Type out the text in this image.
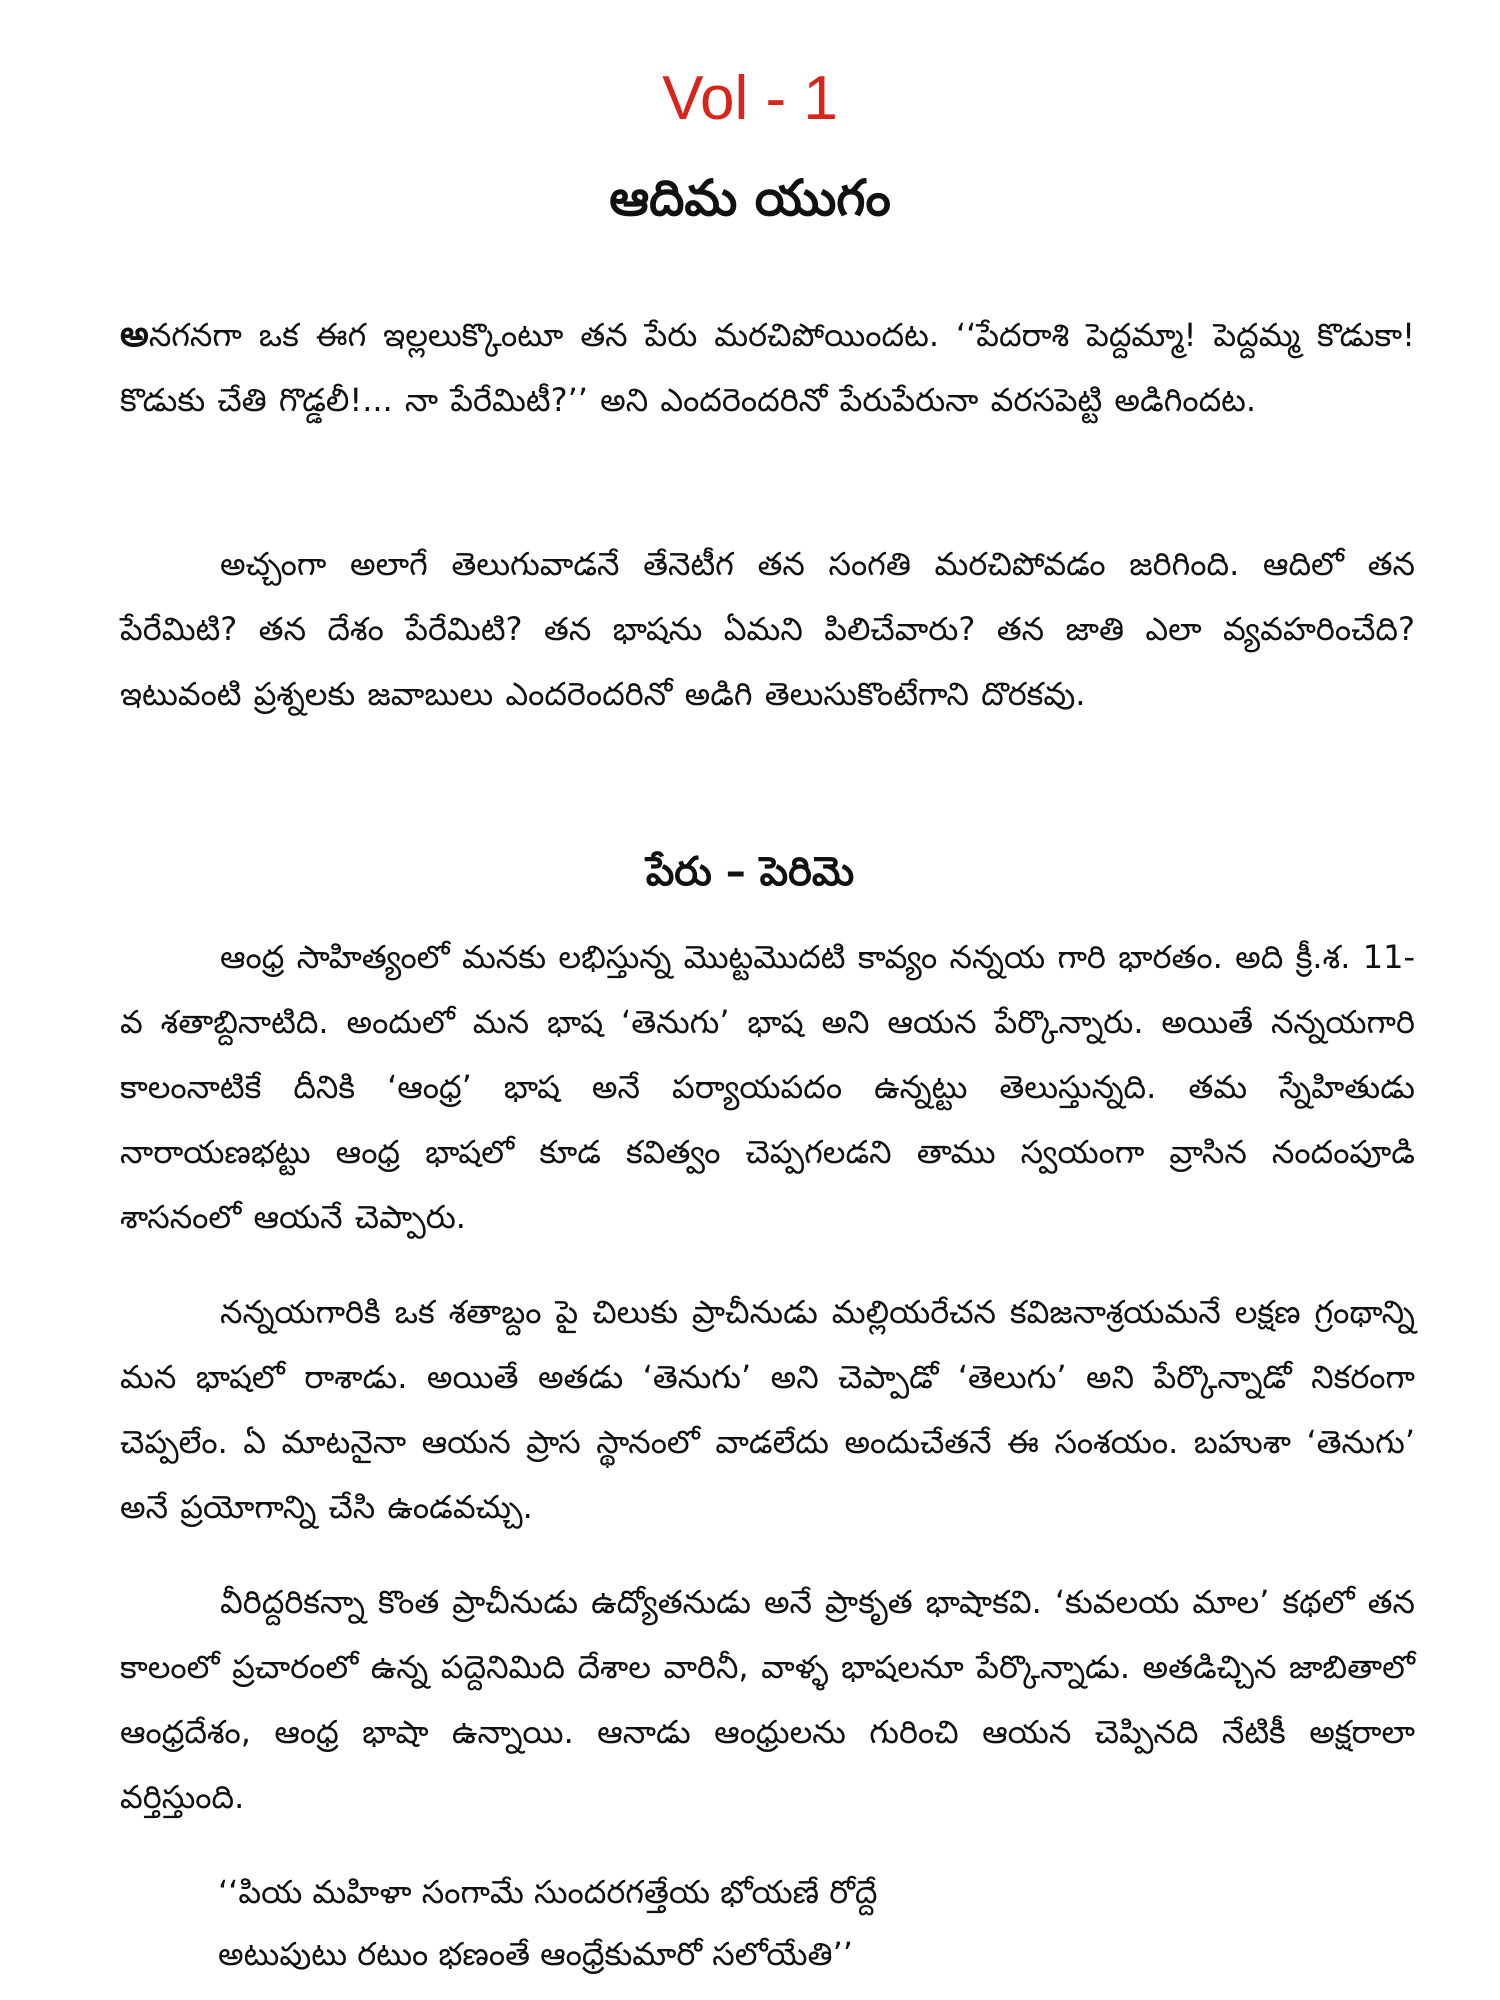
Vol - 1
ఆదిమ యుగం

అనగనగా ఒక ఈగ ఇల్లలుక్కొంటూ తన పేరు మరచిపోయిందట. ‘‘పేదరాశి పెద్దమ్మా! పెద్దమ్మ కొడుకా! కొడుకు చేతి గొడ్డలీ!... నా పేరేమిటీ?’’ అని ఎందరెందరినో పేరుపేరునా వరసపెట్టి అడిగిందట.

అచ్చంగా అలాగే తెలుగువాడనే తేనెటీగ తన సంగతి మరచిపోవడం జరిగింది. ఆదిలో తన పేరేమిటి? తన దేశం పేరేమిటి? తన భాషను ఏమని పిలిచేవారు? తన జాతి ఎలా వ్యవహరించేది? ఇటువంటి ప్రశ్నలకు జవాబులు ఎందరెందరినో అడిగి తెలుసుకొంటేగాని దొరకవు.

పేరు – పెరిమె

ఆంధ్ర సాహిత్యంలో మనకు లభిస్తున్న మొట్టమొదటి కావ్యం నన్నయ గారి భారతం. అది క్రీ.శ. 11-వ శతాబ్దినాటిది. అందులో మన భాష ‘తెనుగు’ భాష అని ఆయన పేర్కొన్నారు. అయితే నన్నయగారి కాలంనాటికే దీనికి ‘ఆంధ్ర’ భాష అనే పర్యాయపదం ఉన్నట్టు తెలుస్తున్నది. తమ స్నేహితుడు నారాయణభట్టు ఆంధ్ర భాషలో కూడ కవిత్వం చెప్పగలడని తాము స్వయంగా వ్రాసిన నందంపూడి శాసనంలో ఆయనే చెప్పారు.

నన్నయగారికి ఒక శతాబ్దం పై చిలుకు ప్రాచీనుడు మల్లియరేచన కవిజనాశ్రయమనే లక్షణ గ్రంథాన్ని మన భాషలో రాశాడు. అయితే అతడు ‘తెనుగు’ అని చెప్పాడో ‘తెలుగు’ అని పేర్కొన్నాడో నికరంగా చెప్పలేం. ఏ మాటనైనా ఆయన ప్రాస స్థానంలో వాడలేదు అందుచేతనే ఈ సంశయం. బహుశా ‘తెనుగు’ అనే ప్రయోగాన్ని చేసి ఉండవచ్చు.

వీరిద్దరికన్నా కొంత ప్రాచీనుడు ఉద్యోతనుడు అనే ప్రాకృత భాషాకవి. ‘కువలయ మాల’ కథలో తన కాలంలో ప్రచారంలో ఉన్న పద్దెనిమిది దేశాల వారినీ, వాళ్ళ భాషలనూ పేర్కొన్నాడు. అతడిచ్చిన జాబితాలో ఆంధ్రదేశం, ఆంధ్ర భాషా ఉన్నాయి. ఆనాడు ఆంధ్రులను గురించి ఆయన చెప్పినది నేటికీ అక్షరాలా వర్తిస్తుంది.

‘‘పియ మహిళా సంగామే సుందరగత్తేయ భోయణే రోద్దే

అటుపుటు రటుం భణంతే ఆంధ్రేకుమారో సలోయేతి’’
